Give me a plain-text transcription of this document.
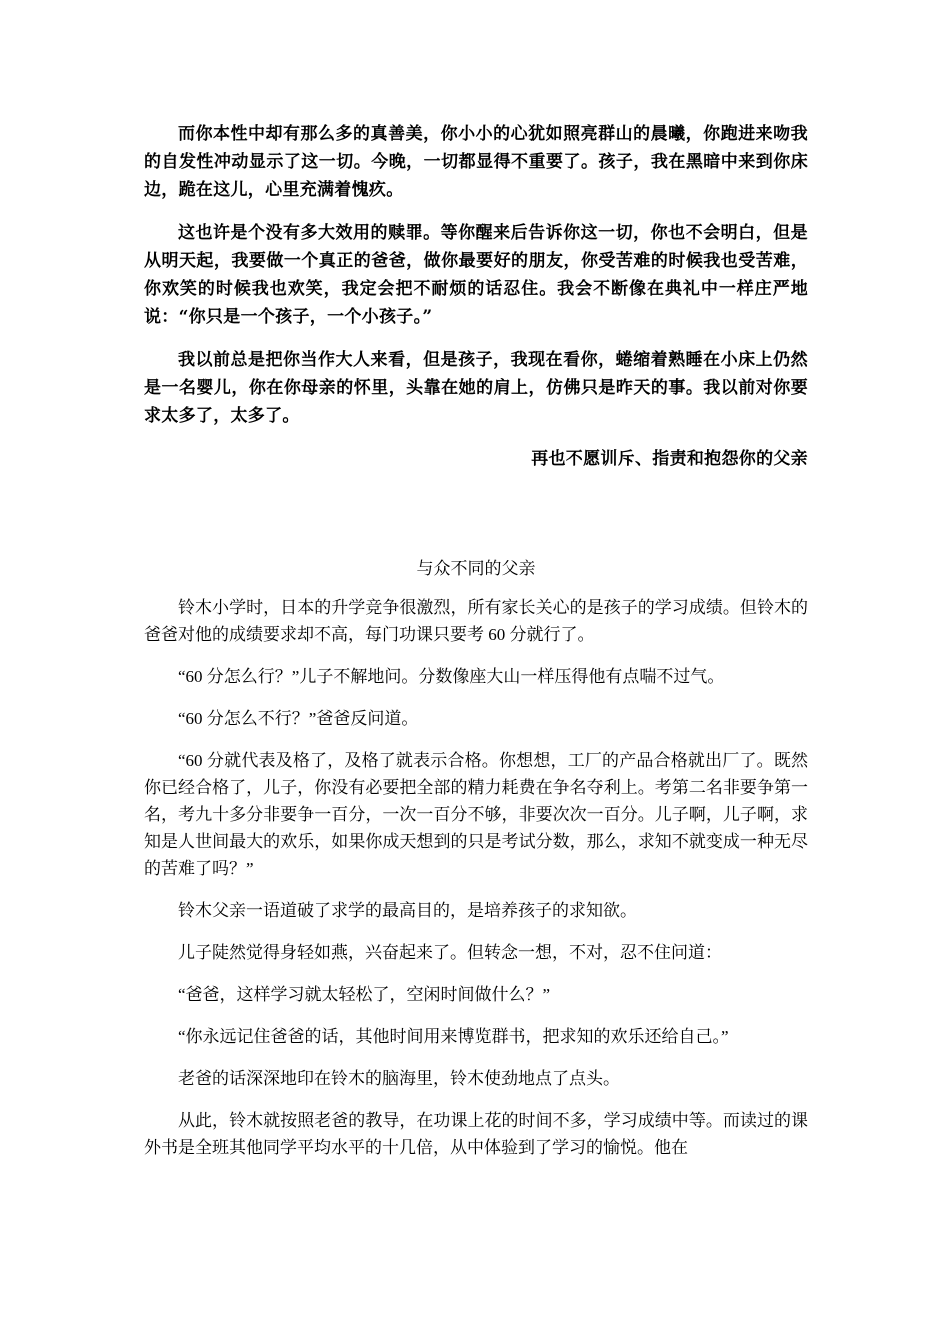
而你本性中却有那么多的真善美，你小小的心犹如照亮群山的晨曦，你跑进来吻我的自发性冲动显示了这一切。今晚，一切都显得不重要了。孩子，我在黑暗中来到你床边，跪在这儿，心里充满着愧疚。

这也许是个没有多大效用的赎罪。等你醒来后告诉你这一切，你也不会明白，但是从明天起，我要做一个真正的爸爸，做你最要好的朋友，你受苦难的时候我也受苦难，你欢笑的时候我也欢笑，我定会把不耐烦的话忍住。我会不断像在典礼中一样庄严地说：“你只是一个孩子，一个小孩子。”

我以前总是把你当作大人来看，但是孩子，我现在看你，蜷缩着熟睡在小床上仍然是一名婴儿，你在你母亲的怀里，头靠在她的肩上，仿佛只是昨天的事。我以前对你要求太多了，太多了。

再也不愿训斥、指责和抱怨你的父亲
与众不同的父亲

铃木小学时，日本的升学竞争很激烈，所有家长关心的是孩子的学习成绩。但铃木的爸爸对他的成绩要求却不高，每门功课只要考 60 分就行了。

“60 分怎么行？”儿子不解地问。分数像座大山一样压得他有点喘不过气。

“60 分怎么不行？”爸爸反问道。

“60 分就代表及格了，及格了就表示合格。你想想，工厂的产品合格就出厂了。既然你已经合格了，儿子，你没有必要把全部的精力耗费在争名夺利上。考第二名非要争第一名，考九十多分非要争一百分，一次一百分不够，非要次次一百分。儿子啊，儿子啊，求知是人世间最大的欢乐，如果你成天想到的只是考试分数，那么，求知不就变成一种无尽的苦难了吗？”

铃木父亲一语道破了求学的最高目的，是培养孩子的求知欲。

儿子陡然觉得身轻如燕，兴奋起来了。但转念一想，不对，忍不住问道：

“爸爸，这样学习就太轻松了，空闲时间做什么？”

“你永远记住爸爸的话，其他时间用来博览群书，把求知的欢乐还给自己。”

老爸的话深深地印在铃木的脑海里，铃木使劲地点了点头。

从此，铃木就按照老爸的教导，在功课上花的时间不多，学习成绩中等。而读过的课外书是全班其他同学平均水平的十几倍，从中体验到了学习的愉悦。他在
